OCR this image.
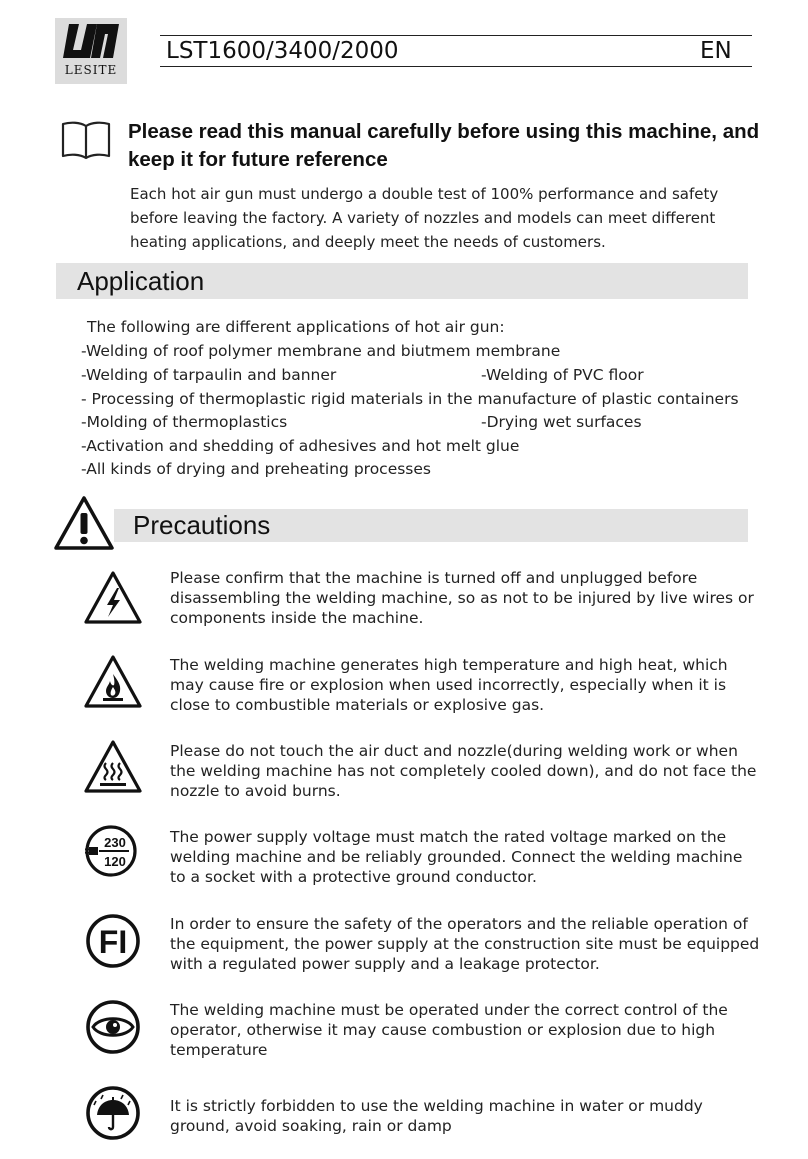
LESITE
LST1600/3400/2000	EN
Please read this manual carefully before using this machine, and keep it for future reference
Each hot air gun must undergo a double test of 100% performance and safety before leaving the factory. A variety of nozzles and models can meet different heating applications, and deeply meet the needs of customers.
Application
The following are different applications of hot air gun:
-Welding of roof polymer membrane and biutmem membrane
-Welding of tarpaulin and banner	-Welding of PVC floor
- Processing of thermoplastic rigid materials in the manufacture of plastic containers
-Molding of thermoplastics	-Drying wet surfaces
-Activation and shedding of adhesives and hot melt glue
-All kinds of drying and preheating processes
Precautions
Please confirm that the machine is turned off and unplugged before disassembling the welding machine, so as not to be injured by live wires or components inside the machine.
The welding machine generates high temperature and high heat, which may cause fire or explosion when used incorrectly, especially when it is close to combustible materials or explosive gas.
Please do not touch the air duct and nozzle(during welding work or when the welding machine has not completely cooled down), and do not face the nozzle to avoid burns.
230
120
The power supply voltage must match the rated voltage marked on the welding machine and be reliably grounded. Connect the welding machine to a socket with a protective ground conductor.
FI	In order to ensure the safety of the operators and the reliable operation of the equipment, the power supply at the construction site must be equipped with a regulated power supply and a leakage protector.
The welding machine must be operated under the correct control of the operator, otherwise it may cause combustion or explosion due to high temperature
It is strictly forbidden to use the welding machine in water or muddy ground, avoid soaking, rain or damp
